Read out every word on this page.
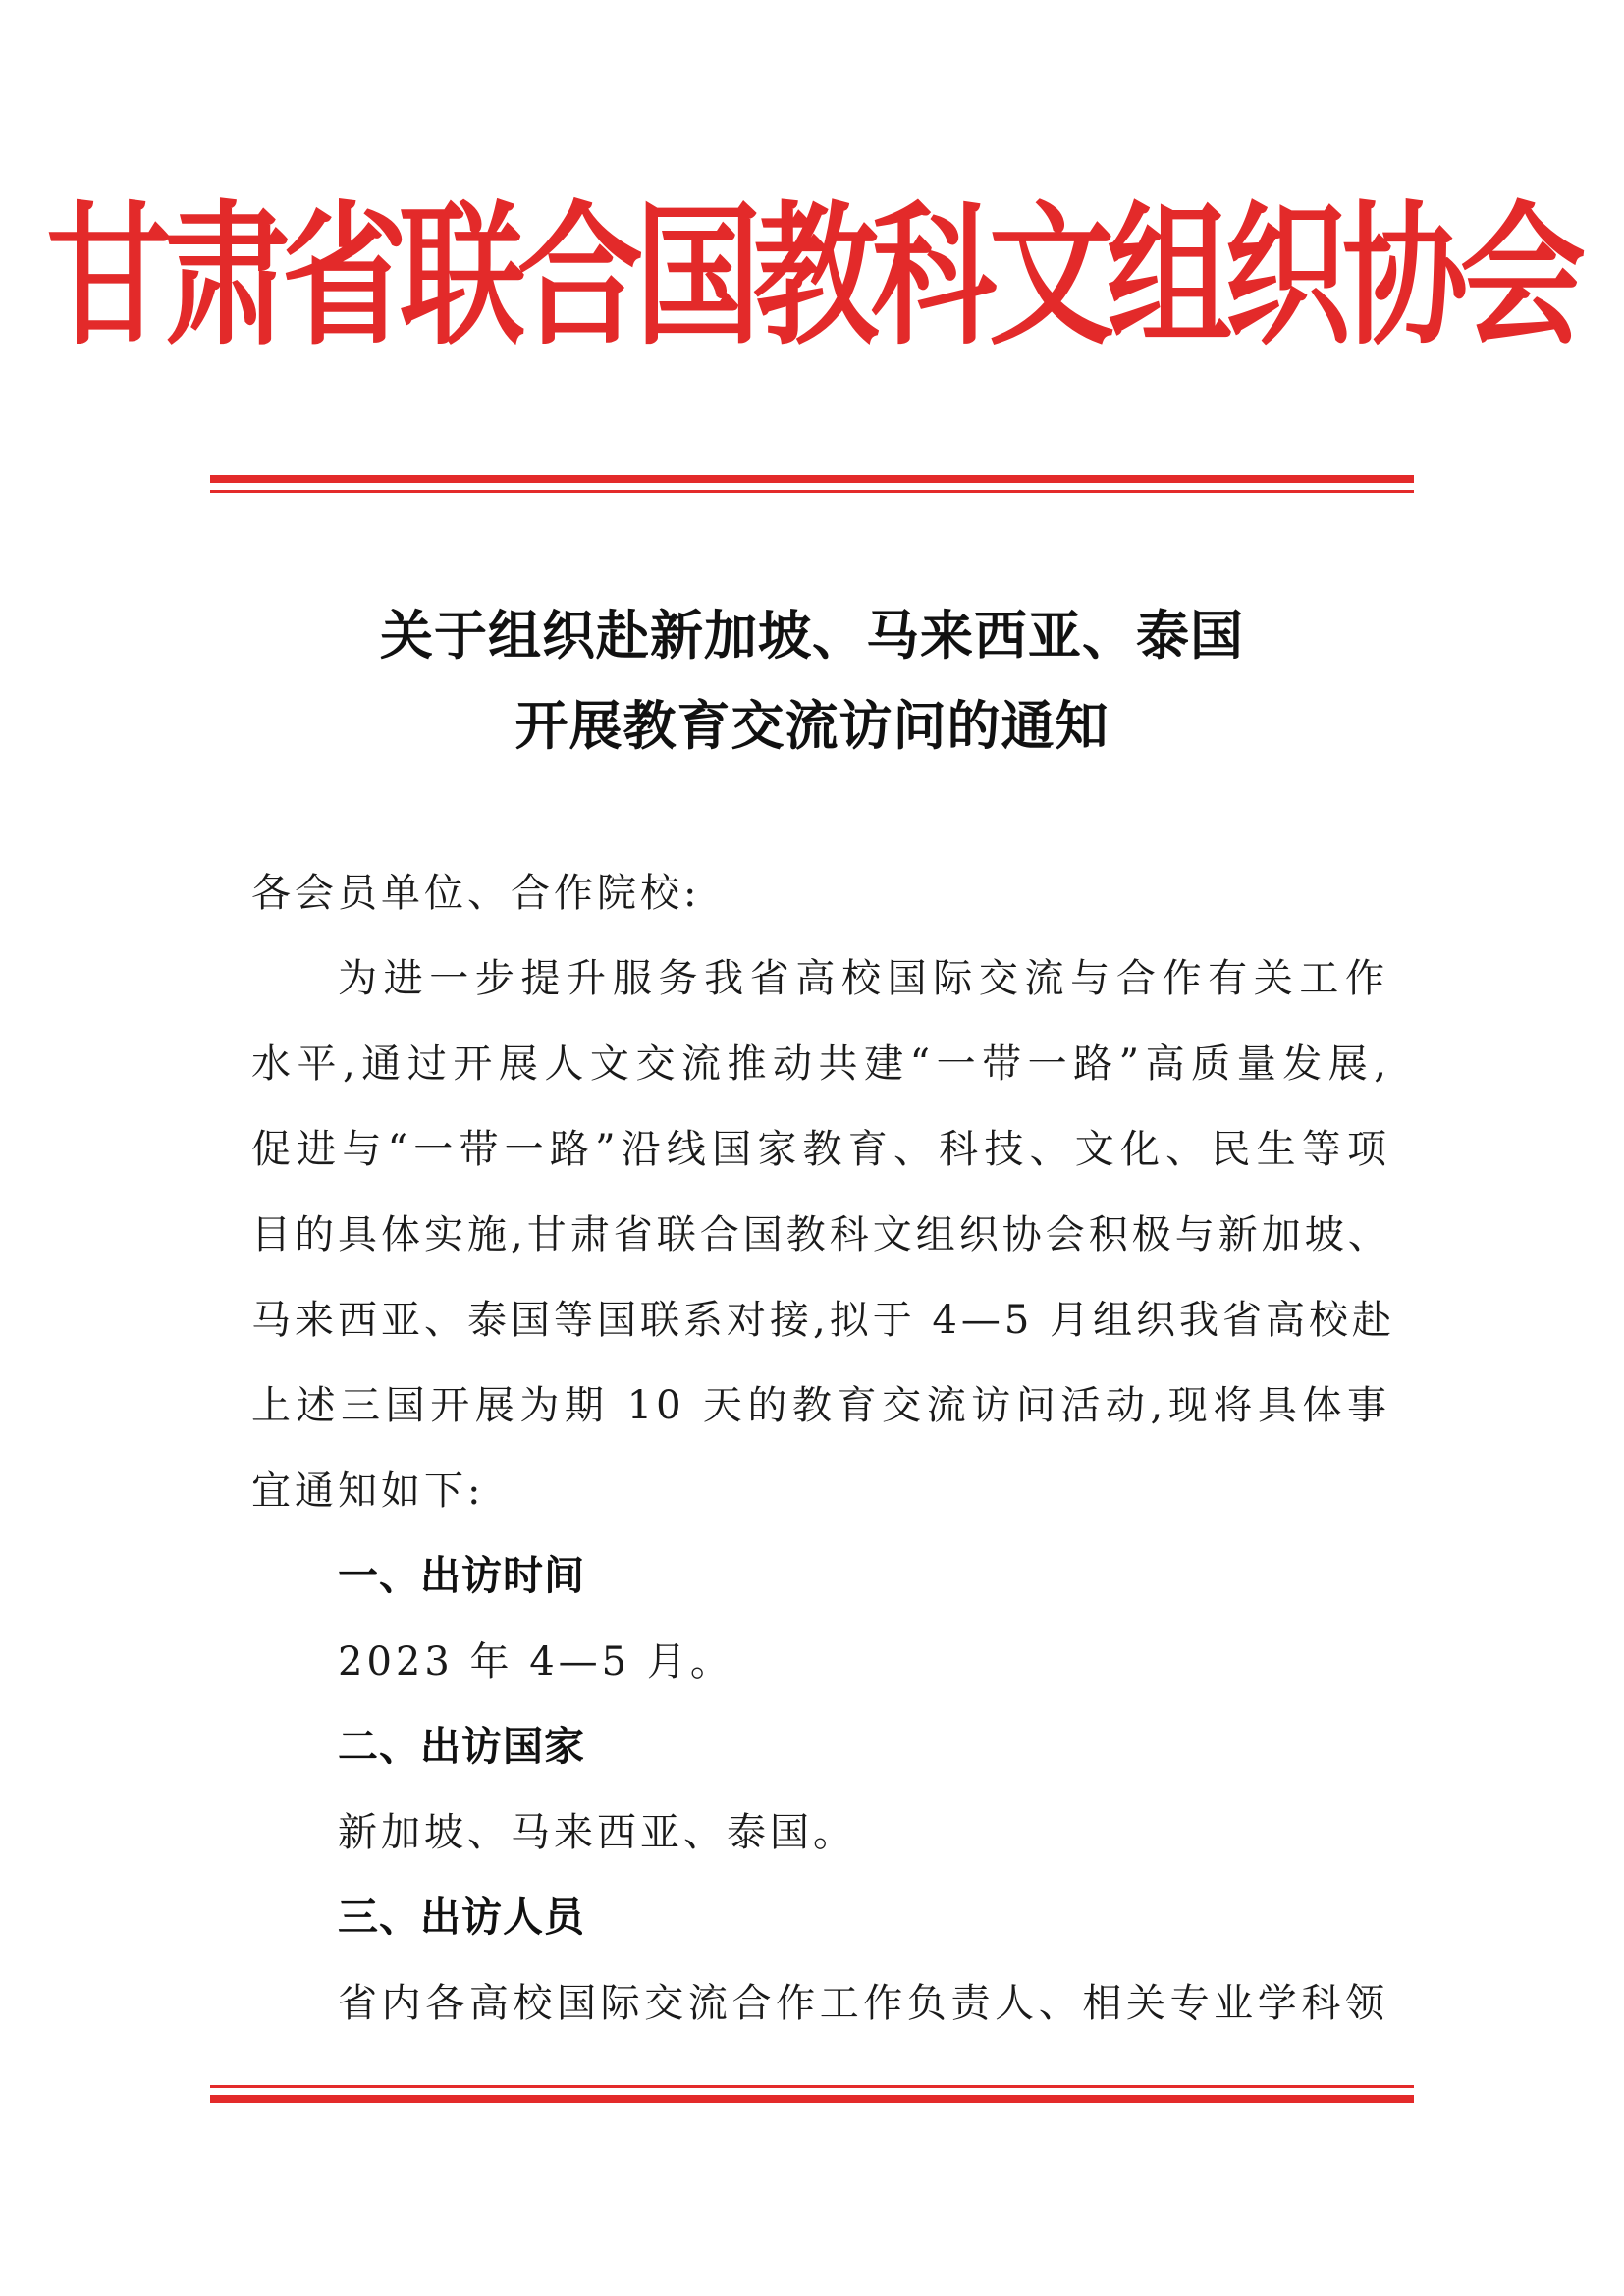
甘肃省联合国教科文组织协会
关于组织赴新加坡、马来西亚、泰国
开展教育交流访问的通知
各会员单位、合作院校:
为进一步提升服务我省高校国际交流与合作有关工作
水平,通过开展人文交流推动共建“一带一路”高质量发展,
促进与“一带一路”沿线国家教育、科技、文化、民生等项
目的具体实施,甘肃省联合国教科文组织协会积极与新加坡、
马来西亚、泰国等国联系对接,拟于 4—5 月组织我省高校赴
上述三国开展为期 10 天的教育交流访问活动,现将具体事
宜通知如下:
一、出访时间
2023 年 4—5 月。
二、出访国家
新加坡、马来西亚、泰国。
三、出访人员
省内各高校国际交流合作工作负责人、相关专业学科领
